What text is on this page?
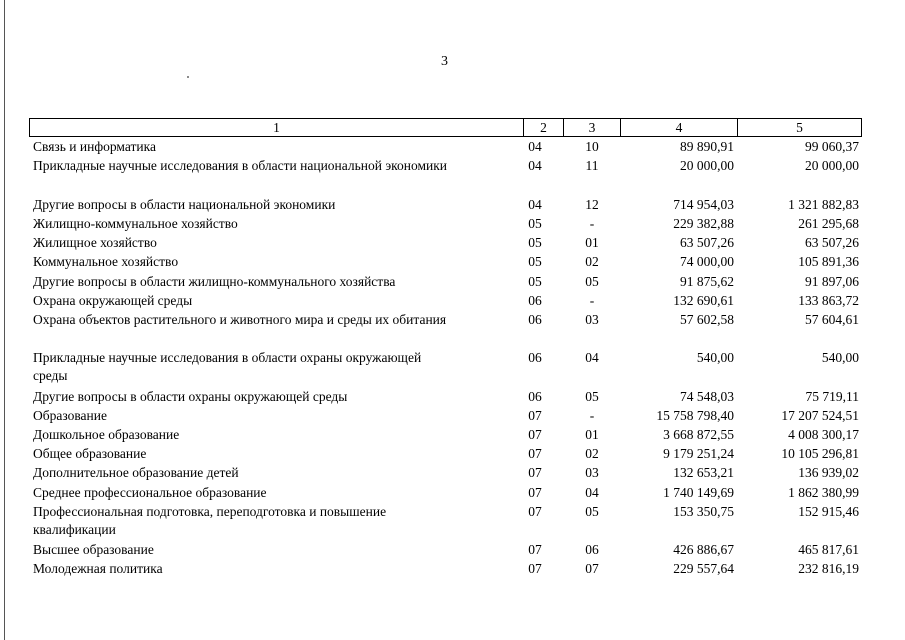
3
1	2	3	4	5
Связь и информатика	04	10	89 890,91	99 060,37
Прикладные научные исследования в области национальной экономики	04	11	20 000,00	20 000,00
Другие вопросы в области национальной экономики	04	12	714 954,03	1 321 882,83
Жилищно-коммунальное хозяйство	05	-	229 382,88	261 295,68
Жилищное хозяйство	05	01	63 507,26	63 507,26
Коммунальное хозяйство	05	02	74 000,00	105 891,36
Другие вопросы в области жилищно-коммунального хозяйства	05	05	91 875,62	91 897,06
Охрана окружающей среды	06	-	132 690,61	133 863,72
Охрана объектов растительного и животного мира и среды их обитания	06	03	57 602,58	57 604,61
Прикладные научные исследования в области охраны окружающей
среды
06	04	540,00	540,00
Другие вопросы в области охраны окружающей среды	06	05	74 548,03	75 719,11
Образование	07	-	15 758 798,40	17 207 524,51
Дошкольное образование	07	01	3 668 872,55	4 008 300,17
Общее образование	07	02	9 179 251,24	10 105 296,81
Дополнительное образование детей	07	03	132 653,21	136 939,02
Среднее профессиональное образование	07	04	1 740 149,69	1 862 380,99
Профессиональная подготовка, переподготовка и повышение
квалификации
07	05	153 350,75	152 915,46
Высшее образование	07	06	426 886,67	465 817,61
Молодежная политика	07	07	229 557,64	232 816,19
